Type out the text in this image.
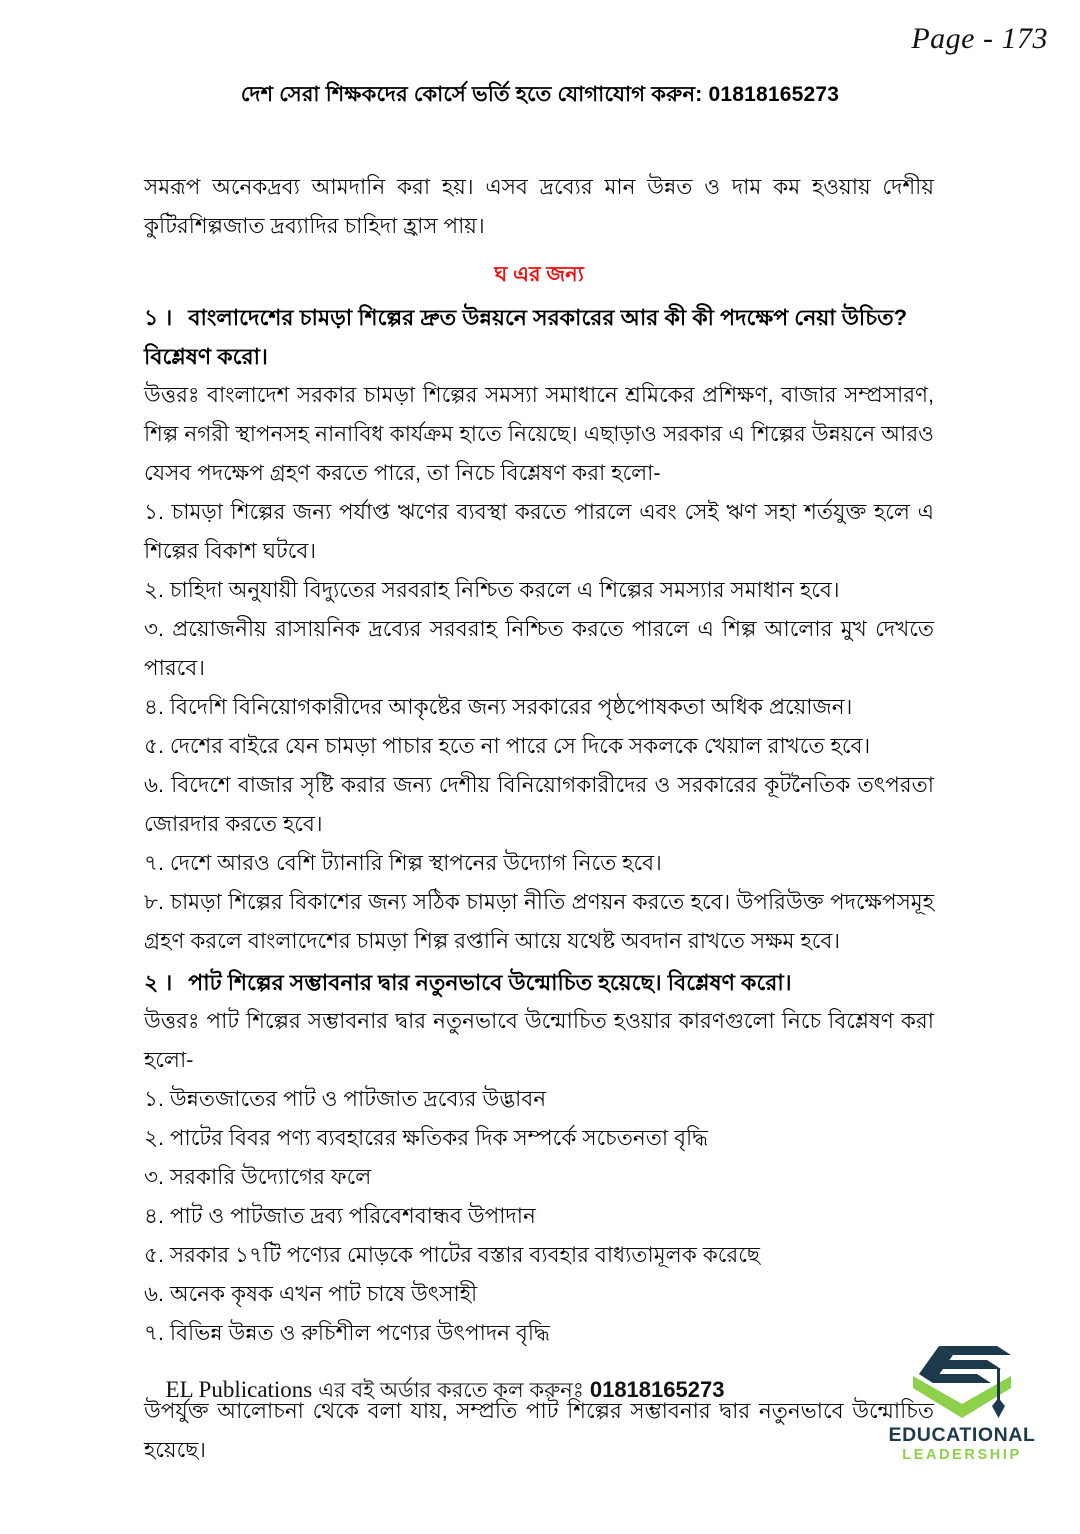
Page - 173
দেশ সেরা শিক্ষকদের কোর্সে ভর্তি হতে যোগাযোগ করুন: 01818165273

সমরূপ অনেকদ্রব্য আমদানি করা হয়। এসব দ্রব্যের মান উন্নত ও দাম কম হওয়ায় দেশীয় কুটিরশিল্পজাত দ্রব্যাদির চাহিদা হ্রাস পায়।

ঘ এর জন্য
১ । বাংলাদেশের চামড়া শিল্পের দ্রুত উন্নয়নে সরকারের আর কী কী পদক্ষেপ নেয়া উচিত? বিশ্লেষণ করো।

উত্তরঃ বাংলাদেশ সরকার চামড়া শিল্পের সমস্যা সমাধানে শ্রমিকের প্রশিক্ষণ, বাজার সম্প্রসারণ, শিল্প নগরী স্থাপনসহ নানাবিধ কার্যক্রম হাতে নিয়েছে। এছাড়াও সরকার এ শিল্পের উন্নয়নে আরও যেসব পদক্ষেপ গ্রহণ করতে পারে, তা নিচে বিশ্লেষণ করা হলো-

১. চামড়া শিল্পের জন্য পর্যাপ্ত ঋণের ব্যবস্থা করতে পারলে এবং সেই ঋণ সহা শর্তযুক্ত হলে এ শিল্পের বিকাশ ঘটবে।
২. চাহিদা অনুযায়ী বিদ্যুতের সরবরাহ নিশ্চিত করলে এ শিল্পের সমস্যার সমাধান হবে।
৩. প্রয়োজনীয় রাসায়নিক দ্রব্যের সরবরাহ নিশ্চিত করতে পারলে এ শিল্প আলোর মুখ দেখতে পারবে।
৪. বিদেশি বিনিয়োগকারীদের আকৃষ্টের জন্য সরকারের পৃষ্ঠপোষকতা অধিক প্রয়োজন।
৫. দেশের বাইরে যেন চামড়া পাচার হতে না পারে সে দিকে সকলকে খেয়াল রাখতে হবে।
৬. বিদেশে বাজার সৃষ্টি করার জন্য দেশীয় বিনিয়োগকারীদের ও সরকারের কূটনৈতিক তৎপরতা জোরদার করতে হবে।
৭. দেশে আরও বেশি ট্যানারি শিল্প স্থাপনের উদ্যোগ নিতে হবে।
৮. চামড়া শিল্পের বিকাশের জন্য সঠিক চামড়া নীতি প্রণয়ন করতে হবে। উপরিউক্ত পদক্ষেপসমূহ গ্রহণ করলে বাংলাদেশের চামড়া শিল্প রপ্তানি আয়ে যথেষ্ট অবদান রাখতে সক্ষম হবে।
২ । পাট শিল্পের সম্ভাবনার দ্বার নতুনভাবে উন্মোচিত হয়েছে। বিশ্লেষণ করো।

উত্তরঃ পাট শিল্পের সম্ভাবনার দ্বার নতুনভাবে উন্মোচিত হওয়ার কারণগুলো নিচে বিশ্লেষণ করা হলো-

১. উন্নতজাতের পাট ও পাটজাত দ্রব্যের উদ্ভাবন
২. পাটের বিবর পণ্য ব্যবহারের ক্ষতিকর দিক সম্পর্কে সচেতনতা বৃদ্ধি
৩. সরকারি উদ্যোগের ফলে
৪. পাট ও পাটজাত দ্রব্য পরিবেশবান্ধব উপাদান
৫. সরকার ১৭টি পণ্যের মোড়কে পাটের বস্তার ব্যবহার বাধ্যতামূলক করেছে
৬. অনেক কৃষক এখন পাট চাষে উৎসাহী
৭. বিভিন্ন উন্নত ও রুচিশীল পণ্যের উৎপাদন বৃদ্ধি

উপর্যুক্ত আলোচনা থেকে বলা যায়, সম্প্রতি পাট শিল্পের সম্ভাবনার দ্বার নতুনভাবে উন্মোচিত হয়েছে।

EL Publications এর বই অর্ডার করতে কল করুনঃ 01818165273
EDUCATIONAL
LEADERSHIP
